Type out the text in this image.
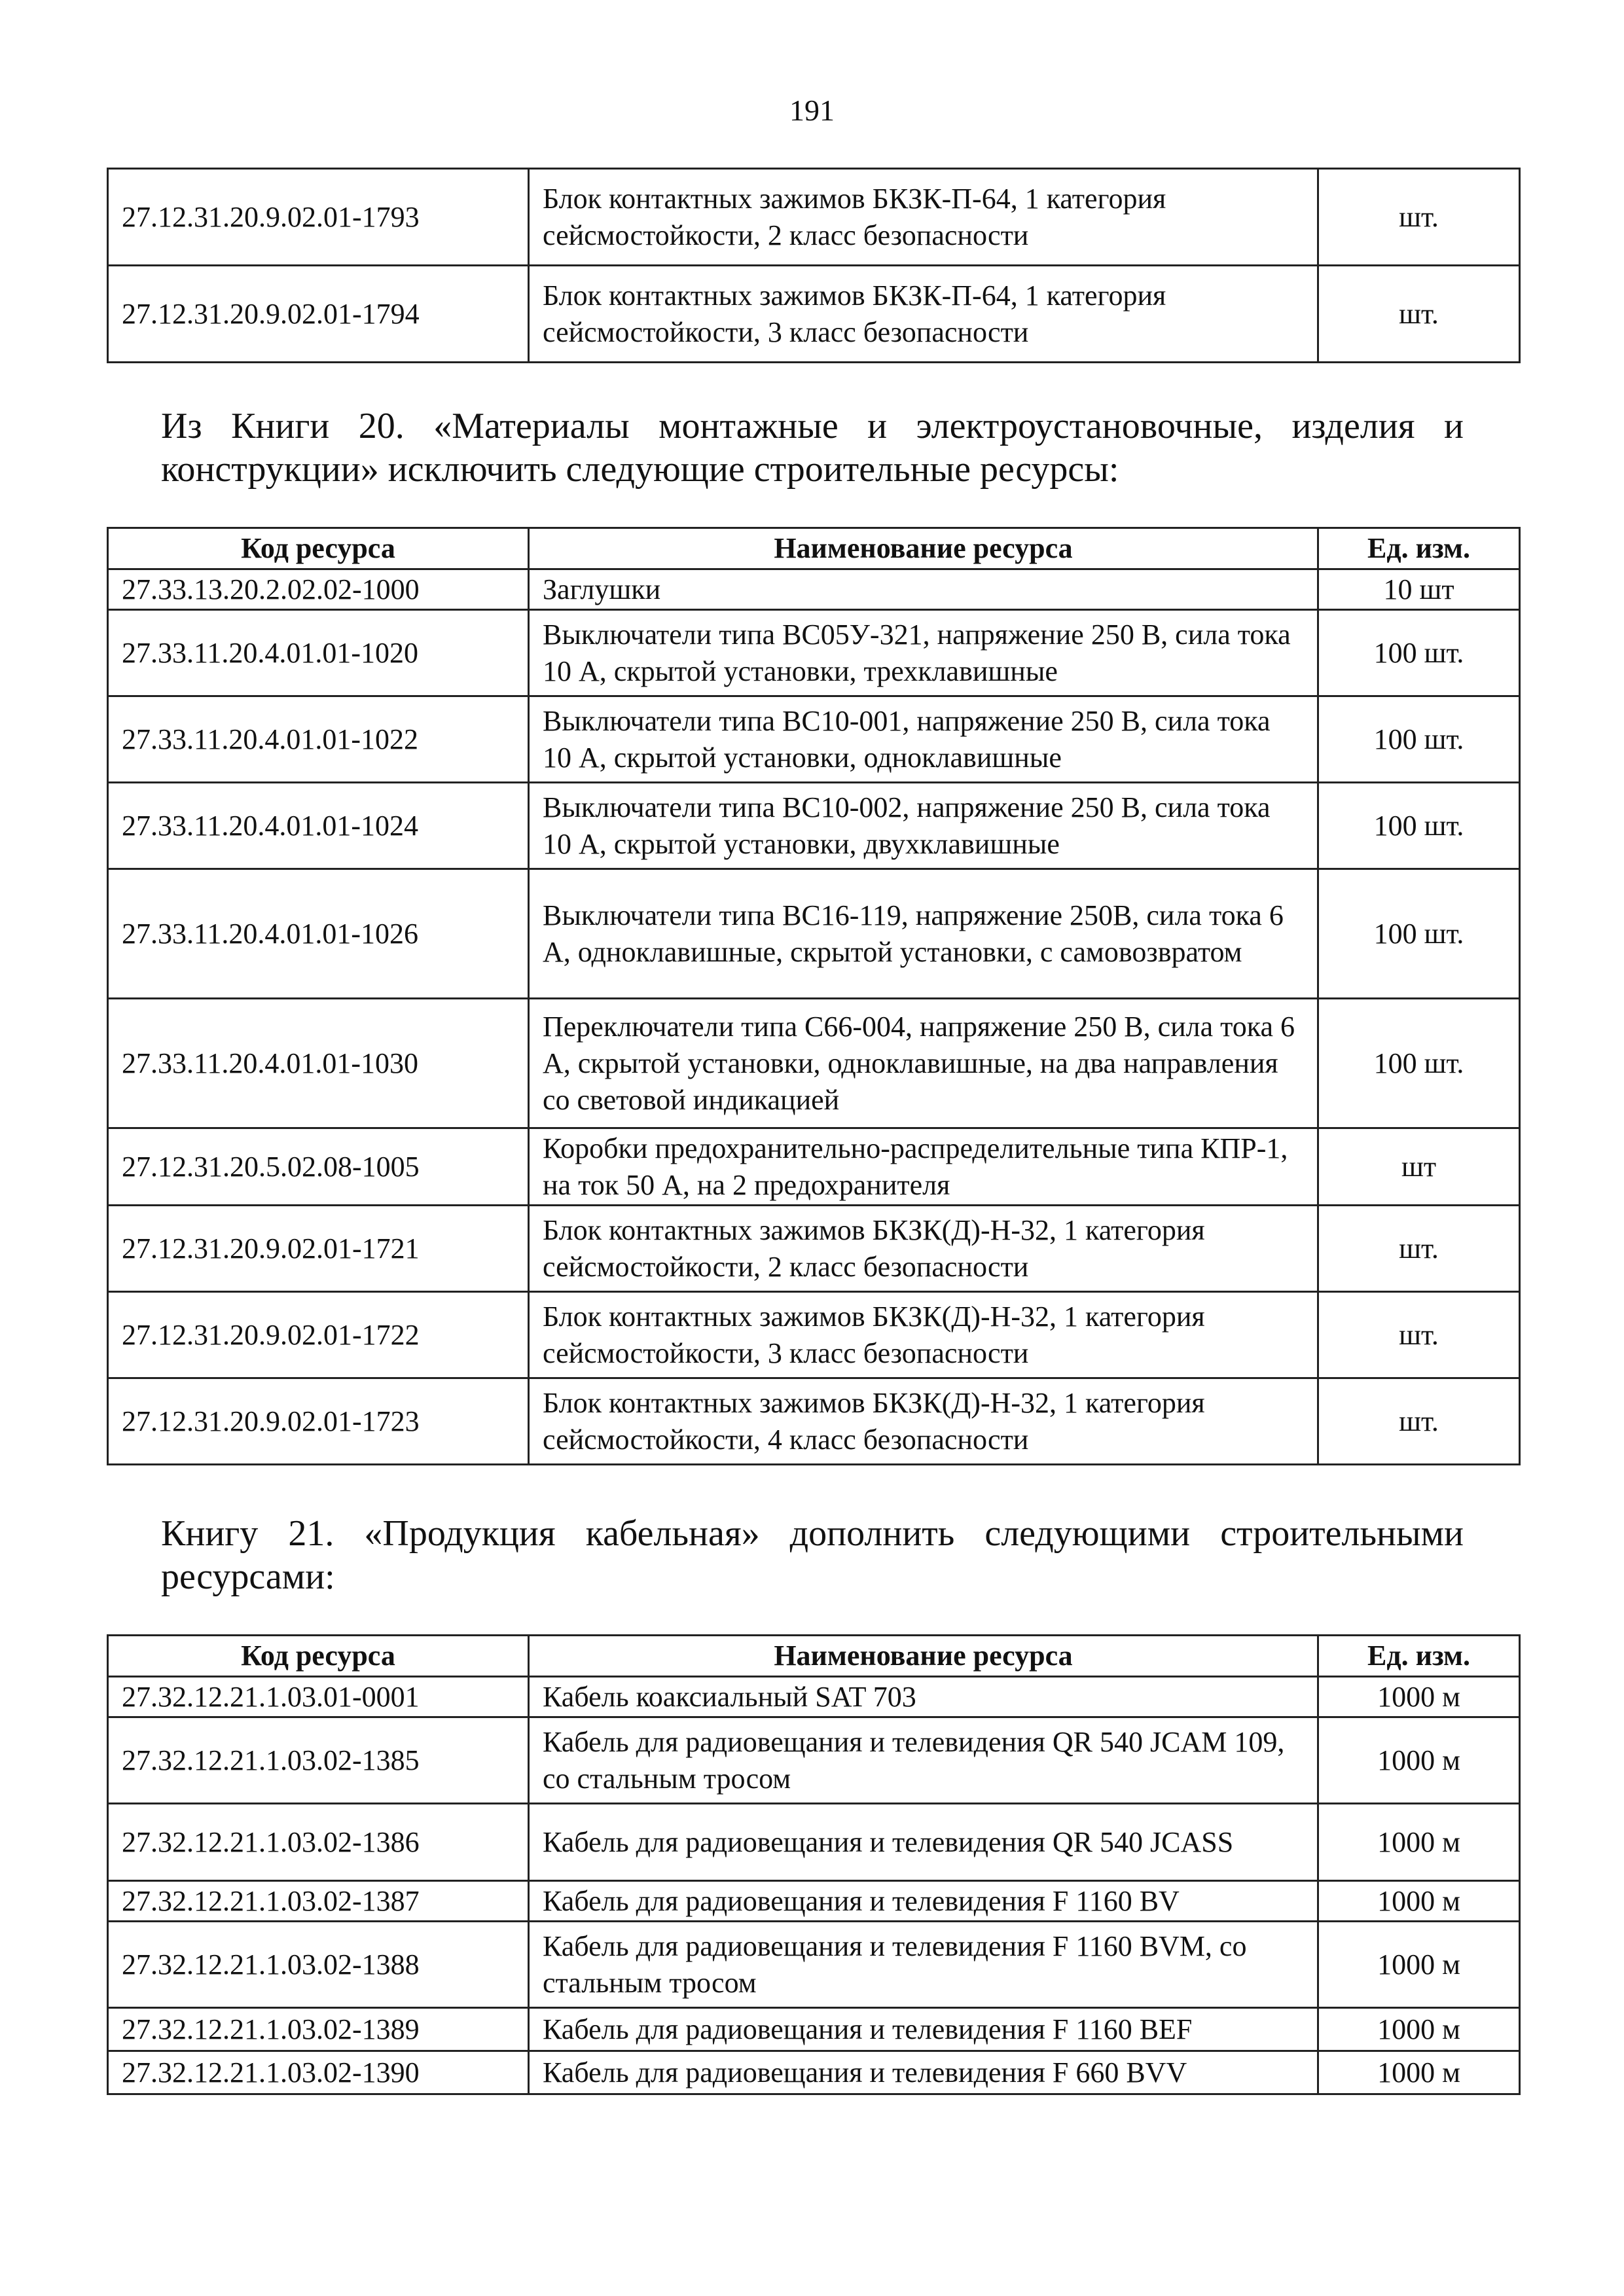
191
27.12.31.20.9.02.01-1793	Блок контактных зажимов БКЗК-П-64, 1 категория сейсмостойкости, 2 класс безопасности	шт.
27.12.31.20.9.02.01-1794	Блок контактных зажимов БКЗК-П-64, 1 категория сейсмостойкости, 3 класс безопасности	шт.
Из Книги 20. «Материалы монтажные и электроустановочные, изделия и конструкции» исключить следующие строительные ресурсы:
Код ресурса	Наименование ресурса	Ед. изм.
27.33.13.20.2.02.02-1000	Заглушки	10 шт
27.33.11.20.4.01.01-1020	Выключатели типа ВС05У-321, напряжение 250 В, сила тока 10 А, скрытой установки, трехклавишные	100 шт.
27.33.11.20.4.01.01-1022	Выключатели типа ВС10-001, напряжение 250 В, сила тока 10 А, скрытой установки, одноклавишные	100 шт.
27.33.11.20.4.01.01-1024	Выключатели типа ВС10-002, напряжение 250 В, сила тока 10 А, скрытой установки, двухклавишные	100 шт.
27.33.11.20.4.01.01-1026	Выключатели типа ВС16-119, напряжение 250В, сила тока 6 А, одноклавишные, скрытой установки, с самовозвратом	100 шт.
27.33.11.20.4.01.01-1030	Переключатели типа С66-004, напряжение 250 В, сила тока 6 А, скрытой установки, одноклавишные, на два направления со световой индикацией	100 шт.
27.12.31.20.5.02.08-1005	Коробки предохранительно-распределительные типа КПР-1, на ток 50 А, на 2 предохранителя	шт
27.12.31.20.9.02.01-1721	Блок контактных зажимов БКЗК(Д)-Н-32, 1 категория сейсмостойкости, 2 класс безопасности	шт.
27.12.31.20.9.02.01-1722	Блок контактных зажимов БКЗК(Д)-Н-32, 1 категория сейсмостойкости, 3 класс безопасности	шт.
27.12.31.20.9.02.01-1723	Блок контактных зажимов БКЗК(Д)-Н-32, 1 категория сейсмостойкости, 4 класс безопасности	шт.
Книгу 21. «Продукция кабельная» дополнить следующими строительными ресурсами:
Код ресурса	Наименование ресурса	Ед. изм.
27.32.12.21.1.03.01-0001	Кабель коаксиальный SAT 703	1000 м
27.32.12.21.1.03.02-1385	Кабель для радиовещания и телевидения QR 540 JCAM 109, со стальным тросом	1000 м
27.32.12.21.1.03.02-1386	Кабель для радиовещания и телевидения QR 540 JCASS	1000 м
27.32.12.21.1.03.02-1387	Кабель для радиовещания и телевидения F 1160 BV	1000 м
27.32.12.21.1.03.02-1388	Кабель для радиовещания и телевидения F 1160 BVM, со стальным тросом	1000 м
27.32.12.21.1.03.02-1389	Кабель для радиовещания и телевидения F 1160 BEF	1000 м
27.32.12.21.1.03.02-1390	Кабель для радиовещания и телевидения F 660 BVV	1000 м
